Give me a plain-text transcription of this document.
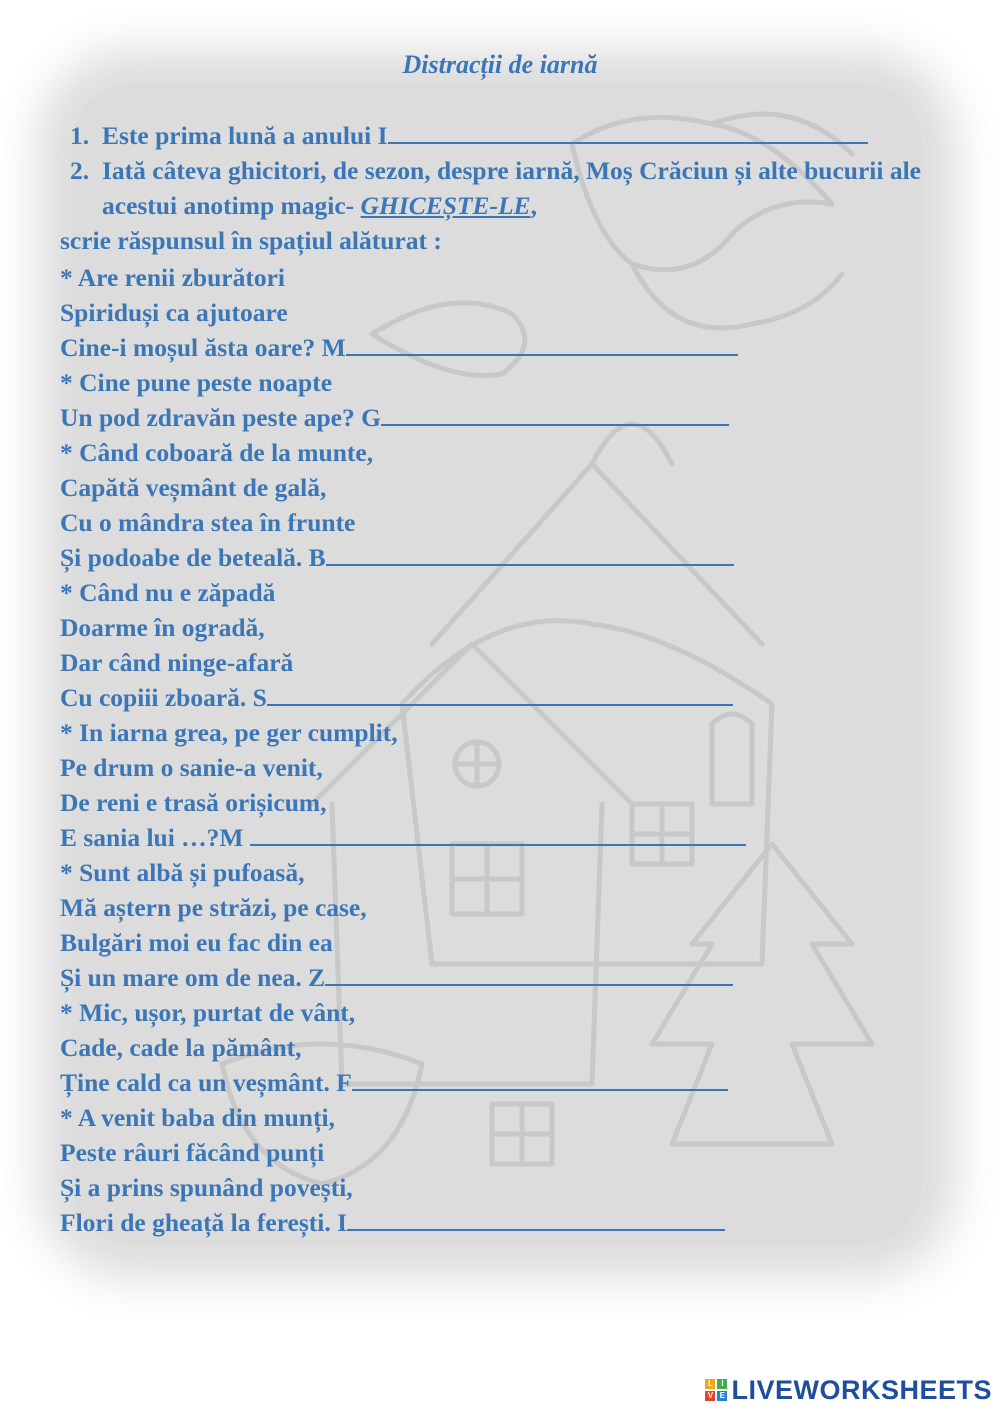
Distracții de iarnă
1. Este prima lună a anului I
2. Iată câteva ghicitori, de sezon, despre iarnă, Moș Crăciun și alte bucurii ale acestui anotimp magic- GHICEȘTE-LE,
scrie răspunsul în spațiul alăturat :
* Are renii zburători
Spiriduși ca ajutoare
Cine-i moșul ăsta oare? M
* Cine pune peste noapte
Un pod zdravăn peste ape? G
* Când coboară de la munte,
Capătă veșmânt de gală,
Cu o mândra stea în frunte
Și podoabe de beteală. B
* Când nu e zăpadă
Doarme în ogradă,
Dar când ninge-afară
Cu copiii zboară. S
* In iarna grea, pe ger cumplit,
Pe drum o sanie-a venit,
De reni e trasă orișicum,
E sania lui …?M
* Sunt albă și pufoasă,
Mă aștern pe străzi, pe case,
Bulgări moi eu fac din ea
Și un mare om de nea. Z
* Mic, ușor, purtat de vânt,
Cade, cade la pământ,
Ține cald ca un veșmânt. F
* A venit baba din munți,
Peste râuri făcând punți
Și a prins spunând povești,
Flori de gheață la ferești. I
L	I
V E LIVEWORKSHEETS
